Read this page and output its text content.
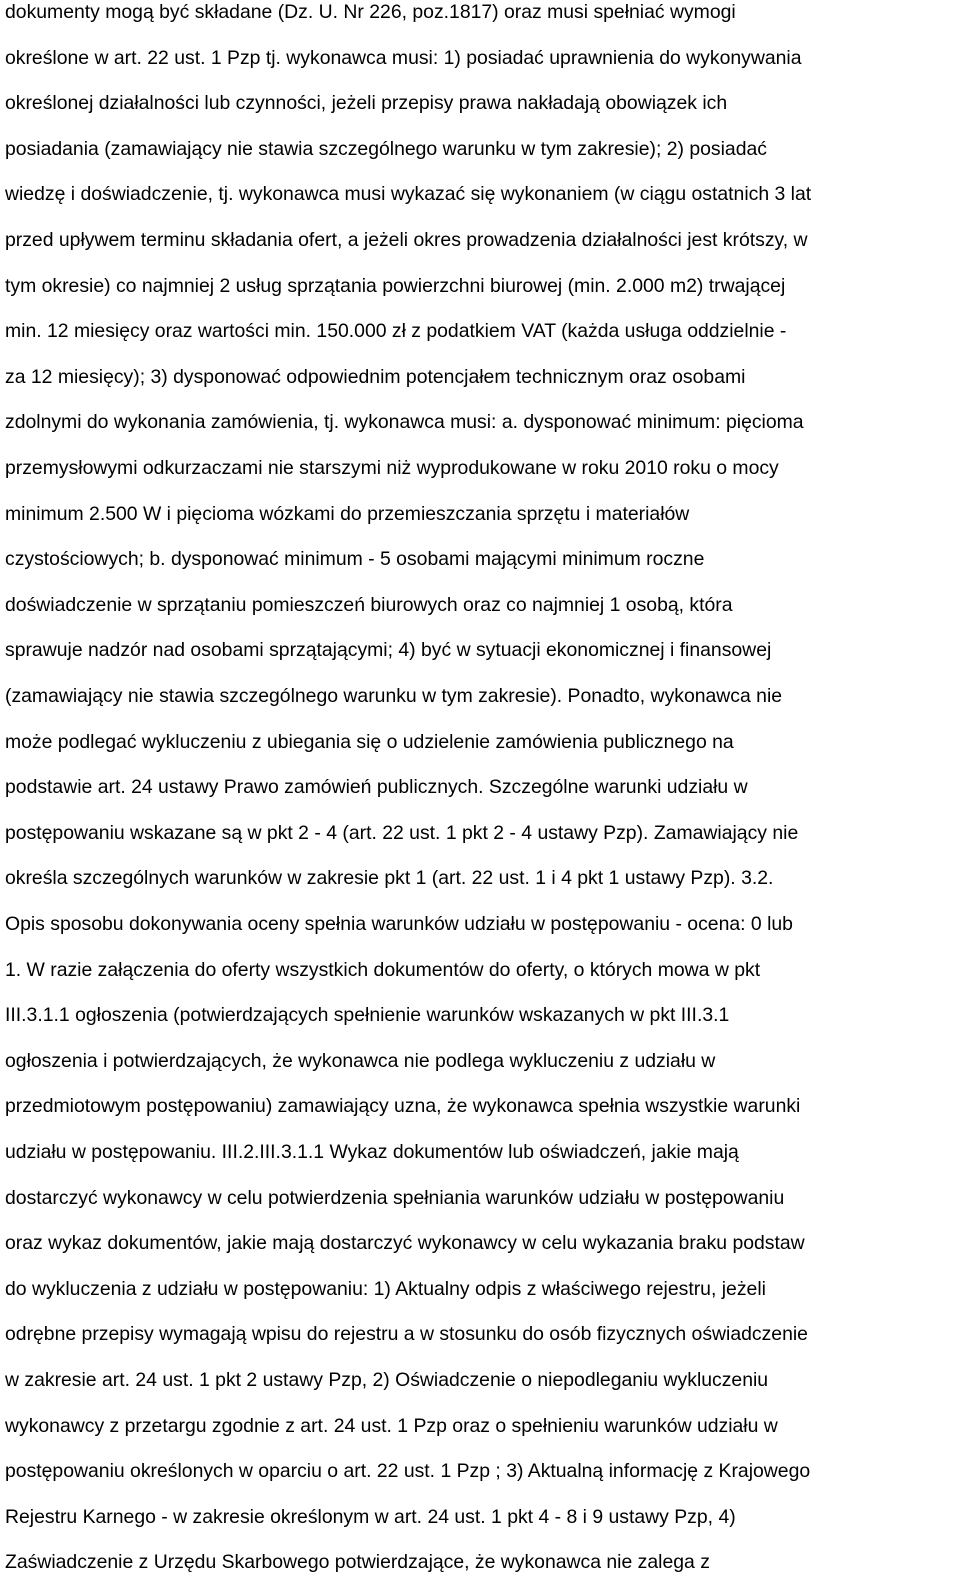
dokumenty mogą być składane (Dz. U. Nr 226, poz.1817) oraz musi spełniać wymogi
określone w art. 22 ust. 1 Pzp tj. wykonawca musi: 1) posiadać uprawnienia do wykonywania
określonej działalności lub czynności, jeżeli przepisy prawa nakładają obowiązek ich
posiadania (zamawiający nie stawia szczególnego warunku w tym zakresie); 2) posiadać
wiedzę i doświadczenie, tj. wykonawca musi wykazać się wykonaniem (w ciągu ostatnich 3 lat
przed upływem terminu składania ofert, a jeżeli okres prowadzenia działalności jest krótszy, w
tym okresie) co najmniej 2 usług sprzątania powierzchni biurowej (min. 2.000 m2) trwającej
min. 12 miesięcy oraz wartości min. 150.000 zł z podatkiem VAT (każda usługa oddzielnie -
za 12 miesięcy); 3) dysponować odpowiednim potencjałem technicznym oraz osobami
zdolnymi do wykonania zamówienia, tj. wykonawca musi: a. dysponować minimum: pięcioma
przemysłowymi odkurzaczami nie starszymi niż wyprodukowane w roku 2010 roku o mocy
minimum 2.500 W i pięcioma wózkami do przemieszczania sprzętu i materiałów
czystościowych; b. dysponować minimum - 5 osobami mającymi minimum roczne
doświadczenie w sprzątaniu pomieszczeń biurowych oraz co najmniej 1 osobą, która
sprawuje nadzór nad osobami sprzątającymi; 4) być w sytuacji ekonomicznej i finansowej
(zamawiający nie stawia szczególnego warunku w tym zakresie). Ponadto, wykonawca nie
może podlegać wykluczeniu z ubiegania się o udzielenie zamówienia publicznego na
podstawie art. 24 ustawy Prawo zamówień publicznych. Szczególne warunki udziału w
postępowaniu wskazane są w pkt 2 - 4 (art. 22 ust. 1 pkt 2 - 4 ustawy Pzp). Zamawiający nie
określa szczególnych warunków w zakresie pkt 1 (art. 22 ust. 1 i 4 pkt 1 ustawy Pzp). 3.2.
Opis sposobu dokonywania oceny spełnia warunków udziału w postępowaniu - ocena: 0 lub
1. W razie załączenia do oferty wszystkich dokumentów do oferty, o których mowa w pkt
III.3.1.1 ogłoszenia (potwierdzających spełnienie warunków wskazanych w pkt III.3.1
ogłoszenia i potwierdzających, że wykonawca nie podlega wykluczeniu z udziału w
przedmiotowym postępowaniu) zamawiający uzna, że wykonawca spełnia wszystkie warunki
udziału w postępowaniu. III.2.III.3.1.1 Wykaz dokumentów lub oświadczeń, jakie mają
dostarczyć wykonawcy w celu potwierdzenia spełniania warunków udziału w postępowaniu
oraz wykaz dokumentów, jakie mają dostarczyć wykonawcy w celu wykazania braku podstaw
do wykluczenia z udziału w postępowaniu: 1) Aktualny odpis z właściwego rejestru, jeżeli
odrębne przepisy wymagają wpisu do rejestru a w stosunku do osób fizycznych oświadczenie
w zakresie art. 24 ust. 1 pkt 2 ustawy Pzp, 2) Oświadczenie o niepodleganiu wykluczeniu
wykonawcy z przetargu zgodnie z art. 24 ust. 1 Pzp oraz o spełnieniu warunków udziału w
postępowaniu określonych w oparciu o art. 22 ust. 1 Pzp ; 3) Aktualną informację z Krajowego
Rejestru Karnego - w zakresie określonym w art. 24 ust. 1 pkt 4 - 8 i 9 ustawy Pzp, 4)
Zaświadczenie z Urzędu Skarbowego potwierdzające, że wykonawca nie zalega z
